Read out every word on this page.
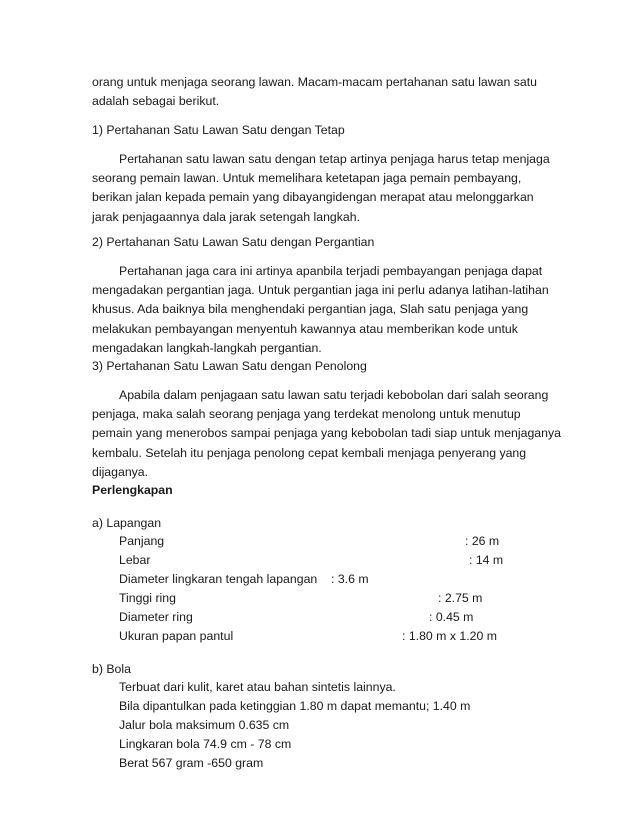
orang untuk menjaga seorang lawan. Macam-macam pertahanan satu lawan satu adalah sebagai berikut.
1) Pertahanan Satu Lawan Satu dengan Tetap
Pertahanan satu lawan satu dengan tetap artinya penjaga harus tetap menjaga seorang pemain lawan. Untuk memelihara ketetapan jaga pemain pembayang, berikan jalan kepada pemain yang dibayangidengan merapat atau melonggarkan jarak penjagaannya dala jarak setengah langkah.
2) Pertahanan Satu Lawan Satu dengan Pergantian
Pertahanan jaga cara ini artinya apanbila terjadi pembayangan penjaga dapat mengadakan pergantian jaga. Untuk pergantian jaga ini perlu adanya latihan-latihan khusus. Ada baiknya bila menghendaki pergantian jaga, Slah satu penjaga yang melakukan pembayangan menyentuh kawannya atau memberikan kode untuk mengadakan langkah-langkah pergantian.
3) Pertahanan Satu Lawan Satu dengan Penolong
Apabila dalam penjagaan satu lawan satu terjadi kebobolan dari salah seorang penjaga, maka salah seorang penjaga yang terdekat menolong untuk menutup pemain yang menerobos sampai penjaga yang kebobolan tadi siap untuk menjaganya kembalu. Setelah itu penjaga penolong cepat kembali menjaga penyerang yang dijaganya.
Perlengkapan
a) Lapangan
Panjang	: 26 m
Lebar	: 14 m
Diameter lingkaran tengah lapangan : 3.6 m
Tinggi ring	: 2.75 m
Diameter ring	: 0.45 m
Ukuran papan pantul	: 1.80 m x 1.20 m
b) Bola
Terbuat dari kulit, karet atau bahan sintetis lainnya.
Bila dipantulkan pada ketinggian 1.80 m dapat memantu; 1.40 m
Jalur bola maksimum 0.635 cm
Lingkaran bola 74.9 cm - 78 cm
Berat 567 gram -650 gram
